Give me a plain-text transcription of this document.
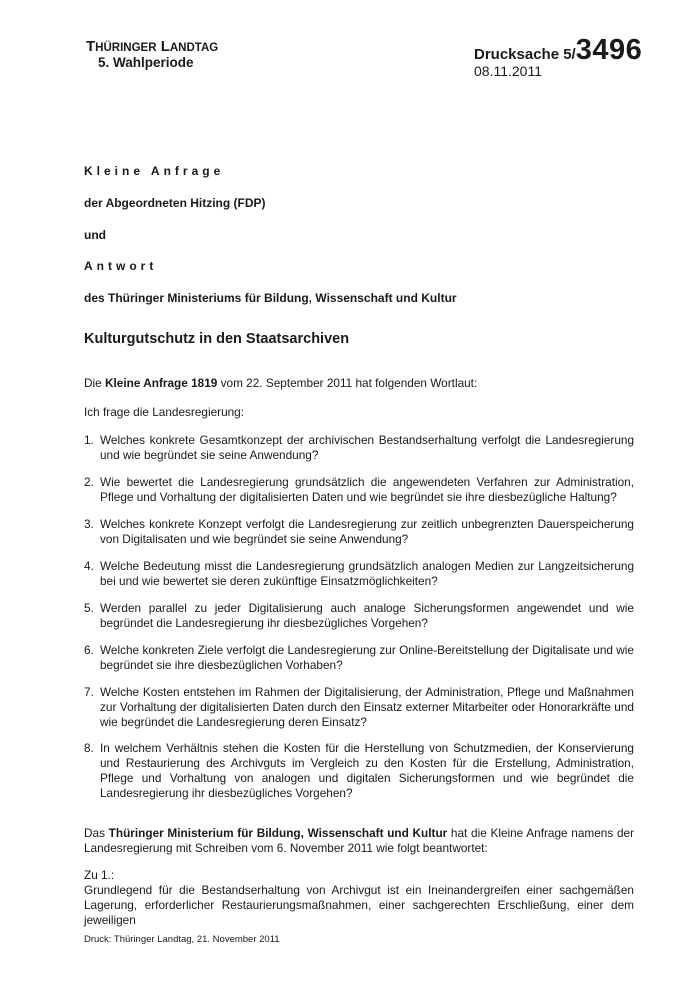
THÜRINGER LANDTAG
5. Wahlperiode	Drucksache 5/3496
08.11.2011
Kleine Anfrage
der Abgeordneten Hitzing (FDP)
und
Antwort
des Thüringer Ministeriums für Bildung, Wissenschaft und Kultur
Kulturgutschutz in den Staatsarchiven
Die Kleine Anfrage 1819 vom 22. September 2011 hat folgenden Wortlaut:
Ich frage die Landesregierung:
1. Welches konkrete Gesamtkonzept der archivischen Bestandserhaltung verfolgt die Landesregierung und wie begründet sie seine Anwendung?
2. Wie bewertet die Landesregierung grundsätzlich die angewendeten Verfahren zur Administration, Pflege und Vorhaltung der digitalisierten Daten und wie begründet sie ihre diesbezügliche Haltung?
3. Welches konkrete Konzept verfolgt die Landesregierung zur zeitlich unbegrenzten Dauerspeicherung von Digitalisaten und wie begründet sie seine Anwendung?
4. Welche Bedeutung misst die Landesregierung grundsätzlich analogen Medien zur Langzeitsicherung bei und wie bewertet sie deren zukünftige Einsatzmöglichkeiten?
5. Werden parallel zu jeder Digitalisierung auch analoge Sicherungsformen angewendet und wie begründet die Landesregierung ihr diesbezügliches Vorgehen?
6. Welche konkreten Ziele verfolgt die Landesregierung zur Online-Bereitstellung der Digitalisate und wie begründet sie ihre diesbezüglichen Vorhaben?
7. Welche Kosten entstehen im Rahmen der Digitalisierung, der Administration, Pflege und Maßnahmen zur Vorhaltung der digitalisierten Daten durch den Einsatz externer Mitarbeiter oder Honorarkräfte und wie begründet die Landesregierung deren Einsatz?
8. In welchem Verhältnis stehen die Kosten für die Herstellung von Schutzmedien, der Konservierung und Restaurierung des Archivguts im Vergleich zu den Kosten für die Erstellung, Administration, Pflege und Vorhaltung von analogen und digitalen Sicherungsformen und wie begründet die Landesregierung ihr diesbezügliches Vorgehen?
Das Thüringer Ministerium für Bildung, Wissenschaft und Kultur hat die Kleine Anfrage namens der Landesregierung mit Schreiben vom 6. November 2011 wie folgt beantwortet:
Zu 1.:
Grundlegend für die Bestandserhaltung von Archivgut ist ein Ineinandergreifen einer sachgemäßen Lagerung, erforderlicher Restaurierungsmaßnahmen, einer sachgerechten Erschließung, einer dem jeweiligen
Druck: Thüringer Landtag, 21. November 2011
